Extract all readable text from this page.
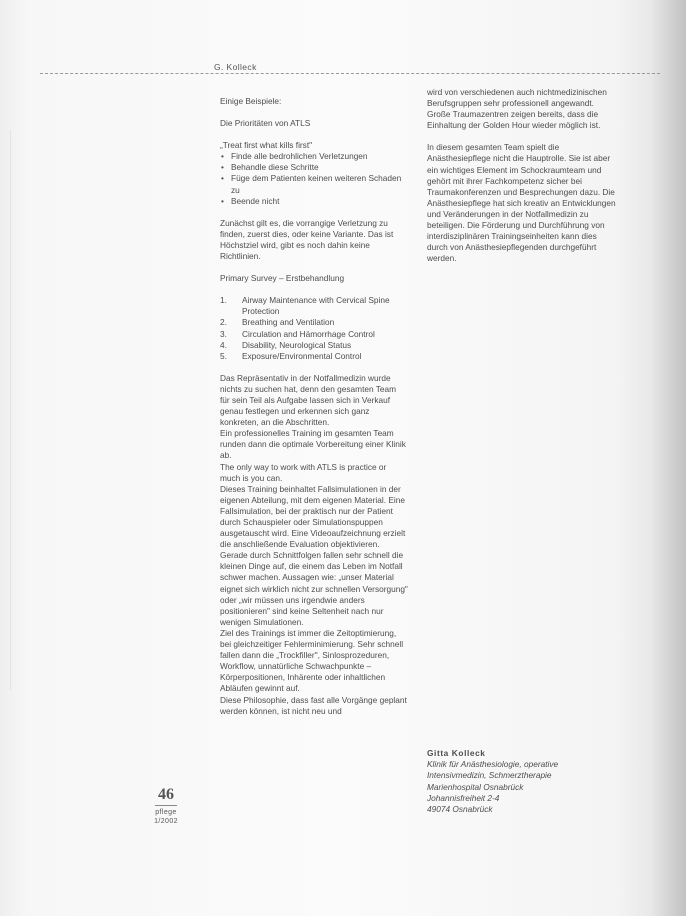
G. Kolleck

Einige Beispiele:

Die Prioritäten von ATLS

„Treat first what kills first"

• Finde alle bedrohlichen Verletzungen
• Behandle diese Schritte
• Füge dem Patienten keinen weiteren Schaden zu
• Beende nicht

Zunächst gilt es, die vorrangige Verletzung zu finden, zuerst dies, oder keine Variante. Das ist Höchstziel wird, gibt es noch dahin keine Richtlinien.

Primary Survey – Erstbehandlung

1. Airway Maintenance with Cervical Spine Protection
2. Breathing and Ventilation
3. Circulation and Hämorrhage Control
4. Disability, Neurological Status
5. Exposure/Environmental Control

Das Repräsentativ in der Notfallmedizin wurde nichts zu suchen hat, denn den gesamten Team für sein Teil als Aufgabe lassen sich in Verkauf genau festlegen und erkennen sich ganz konkreten, an die Abschritten.

Ein professionelles Training im gesamten Team runden dann die optimale Vorbereitung einer Klinik ab.

The only way to work with ATLS is practice or much is you can.

Dieses Training beinhaltet Fallsimulationen in der eigenen Abteilung, mit dem eigenen Material. Eine Fallsimulation, bei der praktisch nur der Patient durch Schauspieler oder Simulationspuppen ausgetauscht wird. Eine Videoaufzeichnung erzielt die anschließende Evaluation objektivieren. Gerade durch Schnittfolgen fallen sehr schnell die kleinen Dinge auf, die einem das Leben im Notfall schwer machen. Aussagen wie: „unser Material eignet sich wirklich nicht zur schnellen Versorgung" oder „wir müssen uns irgendwie anders positionieren" sind keine Seltenheit nach nur wenigen Simulationen.

Ziel des Trainings ist immer die Zeitoptimierung, bei gleichzeitiger Fehlerminimierung. Sehr schnell fallen dann die „Trockfiller", Sinlosprozeduren, Workflow, unnatürliche Schwachpunkte – Körperpositionen, Inhärente oder inhaltlichen Abläufen gewinnt auf.

Diese Philosophie, dass fast alle Vorgänge geplant werden können, ist nicht neu und

wird von verschiedenen auch nichtmedizinischen Berufsgruppen sehr professionell angewandt.

Große Traumazentren zeigen bereits, dass die Einhaltung der Golden Hour wieder möglich ist.

In diesem gesamten Team spielt die Anästhesiepflege nicht die Hauptrolle. Sie ist aber ein wichtiges Element im Schockraumteam und gehört mit ihrer Fachkompetenz sicher bei Traumakonferenzen und Besprechungen dazu. Die Anästhesiepflege hat sich kreativ an Entwicklungen und Veränderungen in der Notfallmedizin zu beteiligen. Die Förderung und Durchführung von interdisziplinären Trainingseinheiten kann dies durch von Anästhesiepflegenden durchgeführt werden.

Gitta Kolleck
Klinik für Anästhesiologie, operative
Intensivmedizin, Schmerztherapie
Marienhospital Osnabrück
Johannisfreiheit 2-4
49074 Osnabrück
46
pflege
1/2002
